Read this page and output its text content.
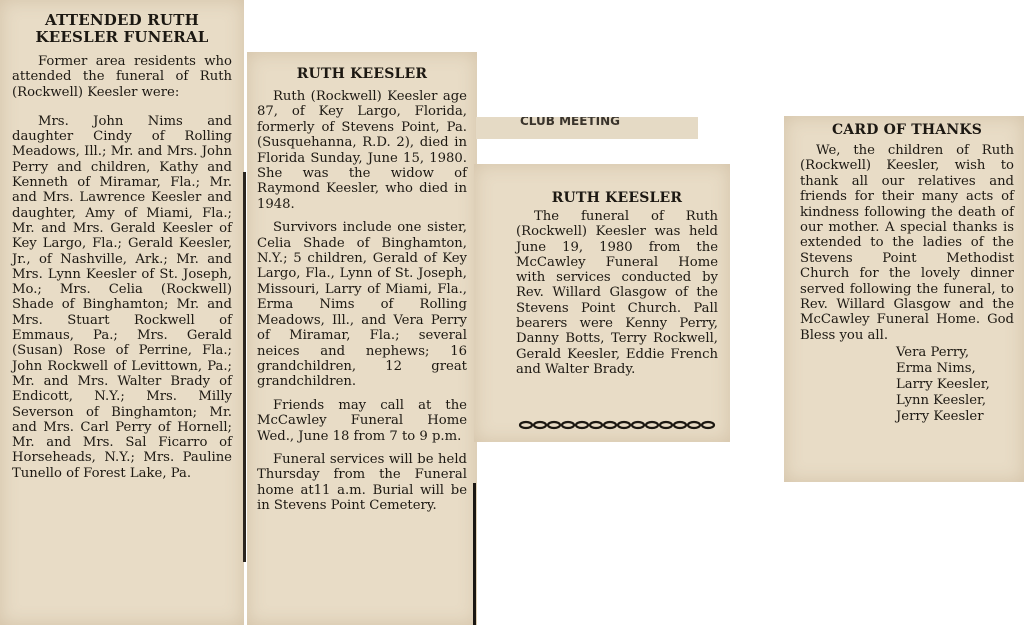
ATTENDED RUTH KEESLER FUNERAL

Former area residents who attended the funeral of Ruth (Rockwell) Keesler were:

Mrs. John Nims and daughter Cindy of Rolling Meadows, Ill.; Mr. and Mrs. John Perry and children, Kathy and Kenneth of Miramar, Fla.; Mr. and Mrs. Lawrence Keesler and daughter, Amy of Miami, Fla.; Mr. and Mrs. Gerald Keesler of Key Largo, Fla.; Gerald Keesler, Jr., of Nashville, Ark.; Mr. and Mrs. Lynn Keesler of St. Joseph, Mo.; Mrs. Celia (Rockwell) Shade of Binghamton; Mr. and Mrs. Stuart Rockwell of Emmaus, Pa.; Mrs. Gerald (Susan) Rose of Perrine, Fla.; John Rockwell of Levittown, Pa.; Mr. and Mrs. Walter Brady of Endicott, N.Y.; Mrs. Milly Severson of Binghamton; Mr. and Mrs. Carl Perry of Hornell; Mr. and Mrs. Sal Ficarro of Horseheads, N.Y.; Mrs. Pauline Tunello of Forest Lake, Pa.

RUTH KEESLER

Ruth (Rockwell) Keesler age 87, of Key Largo, Florida, formerly of Stevens Point, Pa. (Susquehanna, R.D. 2), died in Florida Sunday, June 15, 1980. She was the widow of Raymond Keesler, who died in 1948.

Survivors include one sister, Celia Shade of Binghamton, N.Y.; 5 children, Gerald of Key Largo, Fla., Lynn of St. Joseph, Missouri, Larry of Miami, Fla., Erma Nims of Rolling Meadows, Ill., and Vera Perry of Miramar, Fla.; several neices and nephews; 16 grandchildren, 12 great grandchildren.

Friends may call at the McCawley Funeral Home Wed., June 18 from 7 to 9 p.m.

Funeral services will be held Thursday from the Funeral home at11 a.m. Burial will be in Stevens Point Cemetery.

CLUB MEETING
RUTH KEESLER

The funeral of Ruth (Rockwell) Keesler was held June 19, 1980 from the McCawley Funeral Home with services conducted by Rev. Willard Glasgow of the Stevens Point Church. Pall bearers were Kenny Perry, Danny Botts, Terry Rockwell, Gerald Keesler, Eddie French and Walter Brady.

CARD OF THANKS

We, the children of Ruth (Rockwell) Keesler, wish to thank all our relatives and friends for their many acts of kindness following the death of our mother. A special thanks is extended to the ladies of the Stevens Point Methodist Church for the lovely dinner served following the funeral, to Rev. Willard Glasgow and the McCawley Funeral Home. God Bless you all.

Vera Perry,
Erma Nims,
Larry Keesler,
Lynn Keesler,
Jerry Keesler
